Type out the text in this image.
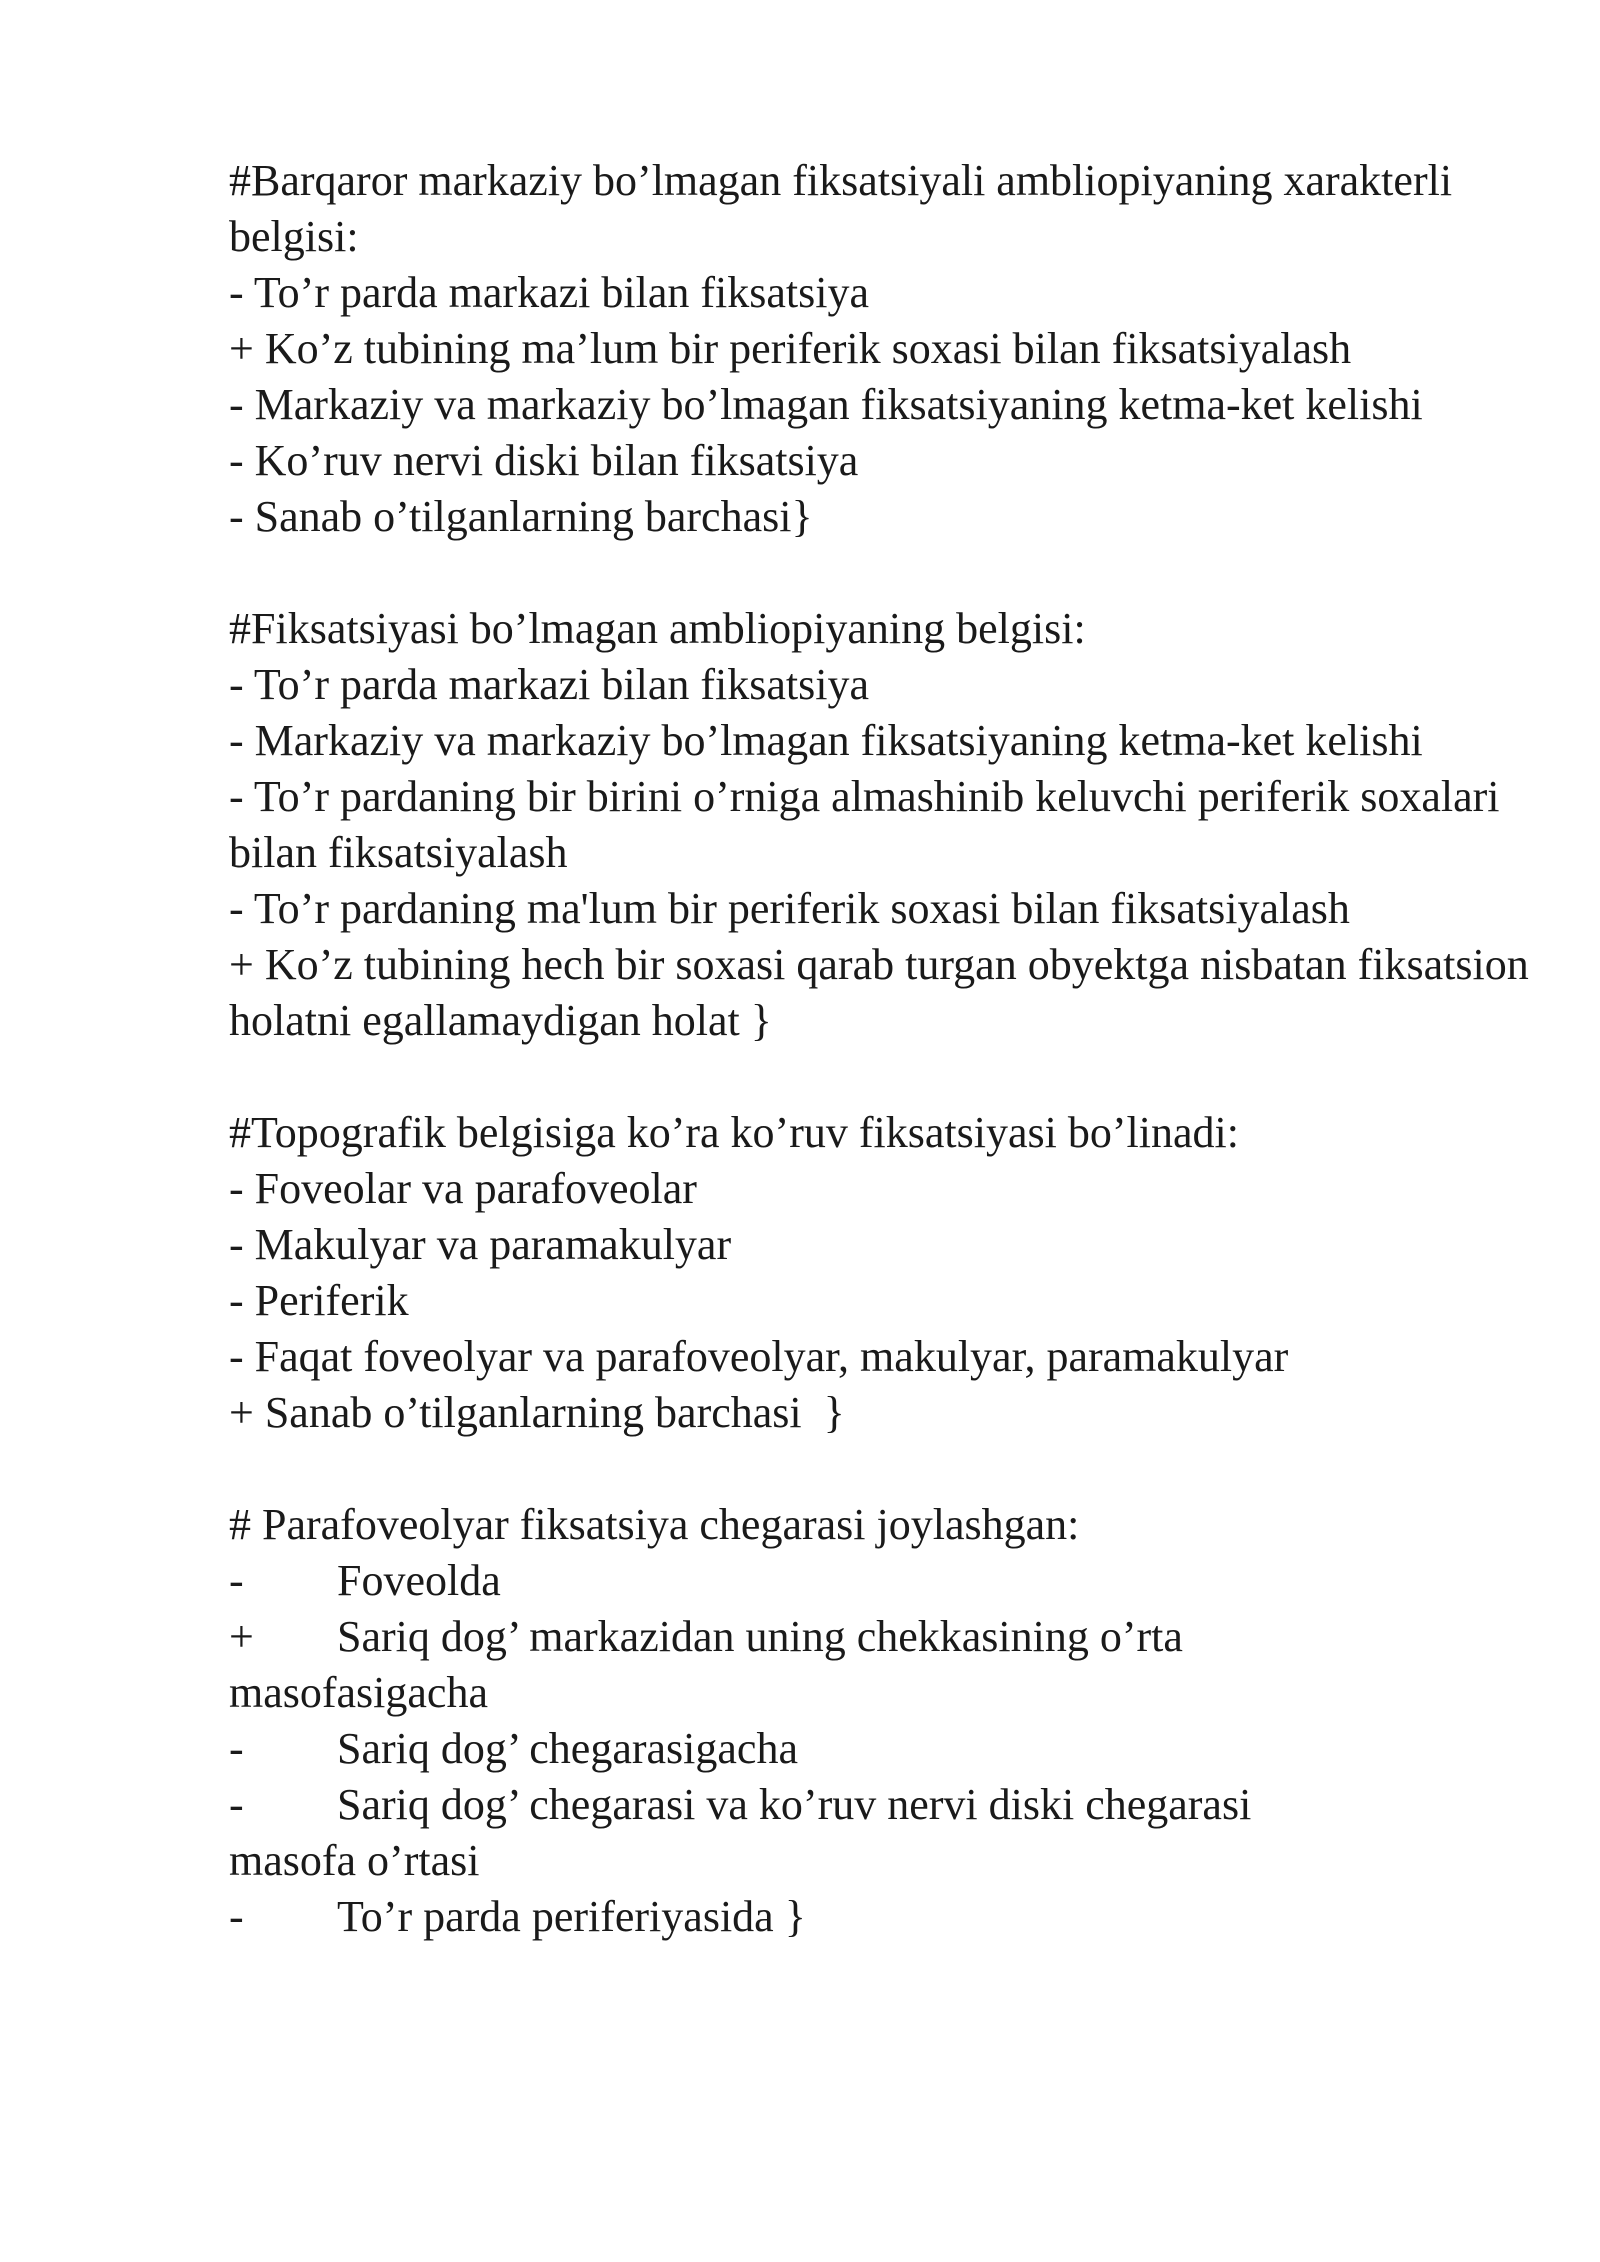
#Barqaror markaziy bo’lmagan fiksatsiyali ambliopiyaning xarakterli belgisi:

- To’r parda markazi bilan fiksatsiya

+ Ko’z tubining ma’lum bir periferik soxasi bilan fiksatsiyalash

- Markaziy va markaziy bo’lmagan fiksatsiyaning ketma-ket kelishi

- Ko’ruv nervi diski bilan fiksatsiya

- Sanab o’tilganlarning barchasi}

#Fiksatsiyasi bo’lmagan ambliopiyaning belgisi:

- To’r parda markazi bilan fiksatsiya

- Markaziy va markaziy bo’lmagan fiksatsiyaning ketma-ket kelishi

- To’r pardaning bir birini o’rniga almashinib keluvchi periferik soxalari bilan fiksatsiyalash

- To’r pardaning ma'lum bir periferik soxasi bilan fiksatsiyalash

+ Ko’z tubining hech bir soxasi qarab turgan obyektga nisbatan fiksatsion holatni egallamaydigan holat }

#Topografik belgisiga ko’ra ko’ruv fiksatsiyasi bo’linadi:

- Foveolar va parafoveolar

- Makulyar va paramakulyar

- Periferik

- Faqat foveolyar va parafoveolyar, makulyar, paramakulyar

+ Sanab o’tilganlarning barchasi  }

# Parafoveolyar fiksatsiya chegarasi joylashgan:

- Foveolda

+ Sariq dog’ markazidan uning chekkasining o’rta

masofasigacha

- Sariq dog’ chegarasigacha

- Sariq dog’ chegarasi va ko’ruv nervi diski chegarasi

masofa o’rtasi

- To’r parda periferiyasida }
